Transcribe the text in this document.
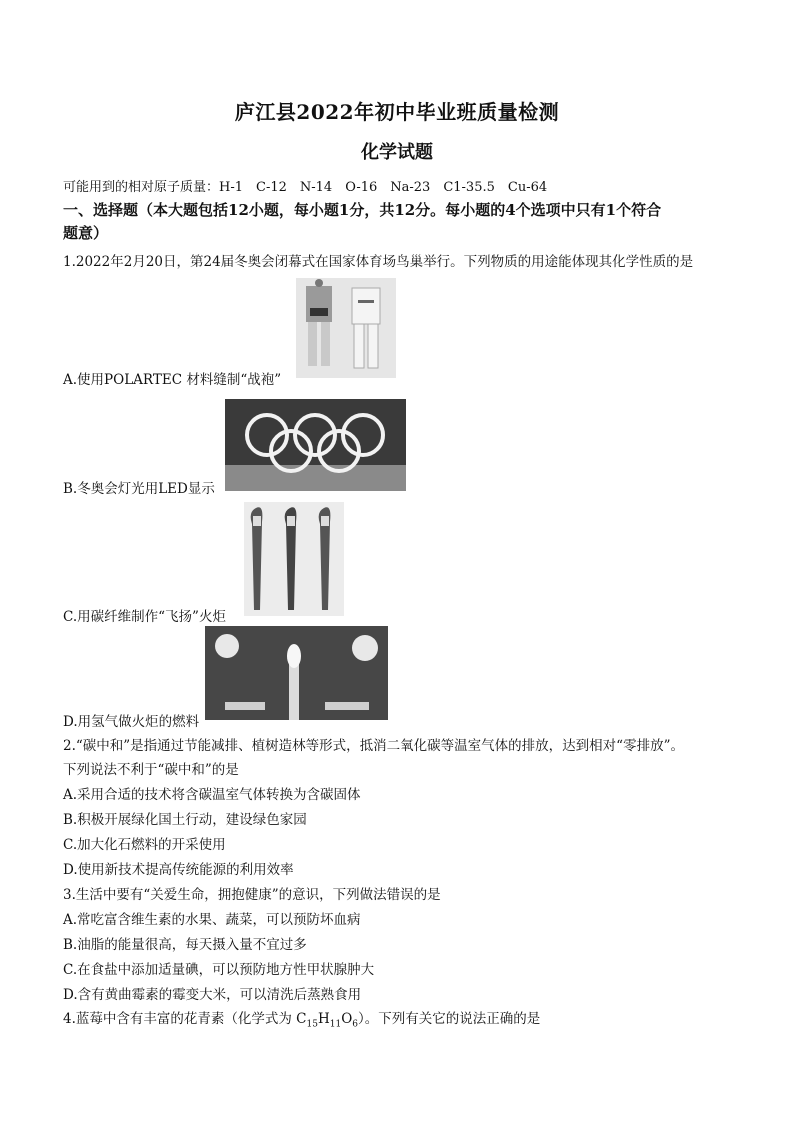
庐江县2022年初中毕业班质量检测
化学试题
可能用到的相对原子质量：H-1　C-12　N-14　O-16　Na-23　C1-35.5　Cu-64
一、选择题（本大题包括12小题，每小题1分，共12分。每小题的4个选项中只有1个符合
题意）
1.2022年2月20日，第24届冬奥会闭幕式在国家体育场鸟巢举行。下列物质的用途能体现其化学性质的是
A.使用POLARTEC 材料缝制“战袍”
B.冬奥会灯光用LED显示
C.用碳纤维制作“飞扬”火炬
D.用氢气做火炬的燃料
2.“碳中和”是指通过节能减排、植树造林等形式，抵消二氧化碳等温室气体的排放，达到相对“零排放”。
下列说法不利于“碳中和”的是
A.采用合适的技术将含碳温室气体转换为含碳固体
B.积极开展绿化国土行动，建设绿色家园
C.加大化石燃料的开采使用
D.使用新技术提高传统能源的利用效率
3.生活中要有“关爱生命，拥抱健康”的意识，下列做法错误的是
A.常吃富含维生素的水果、蔬菜，可以预防坏血病
B.油脂的能量很高，每天摄入量不宜过多
C.在食盐中添加适量碘，可以预防地方性甲状腺肿大
D.含有黄曲霉素的霉变大米，可以清洗后蒸熟食用
4.蓝莓中含有丰富的花青素（化学式为 $C_{15}H_{11}O_6$）。下列有关它的说法正确的是
